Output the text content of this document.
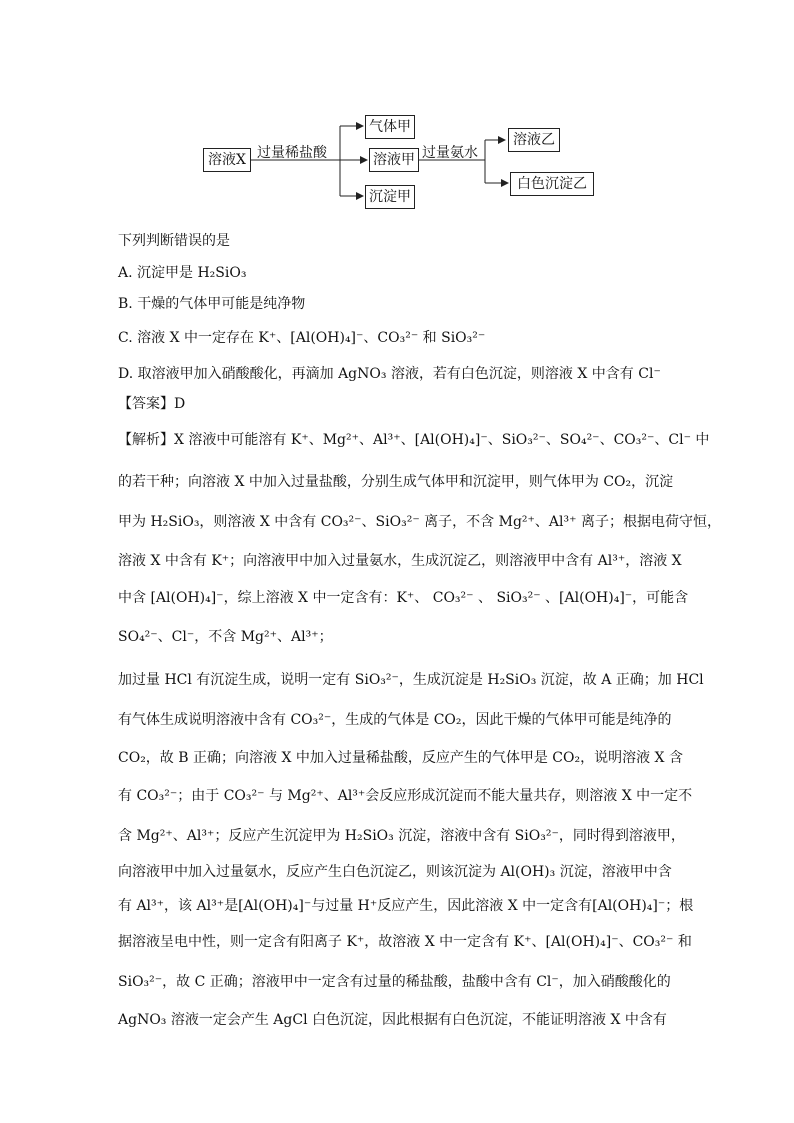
溶液X 过量稀盐酸
气体甲
溶液甲
沉淀甲
过量氨水
溶液乙
白色沉淀乙
下列判断错误的是
A. 沉淀甲是 H₂SiO₃
B. 干燥的气体甲可能是纯净物
C. 溶液 X 中一定存在 K⁺、[Al(OH)₄]⁻、CO₃²⁻ 和 SiO₃²⁻
D. 取溶液甲加入硝酸酸化，再滴加 AgNO₃ 溶液，若有白色沉淀，则溶液 X 中含有 Cl⁻
【答案】D
【解析】X 溶液中可能溶有 K⁺、Mg²⁺、Al³⁺、[Al(OH)₄]⁻、SiO₃²⁻、SO₄²⁻、CO₃²⁻、Cl⁻ 中
的若干种；向溶液 X 中加入过量盐酸，分别生成气体甲和沉淀甲，则气体甲为 CO₂，沉淀
甲为 H₂SiO₃，则溶液 X 中含有 CO₃²⁻、SiO₃²⁻ 离子，不含 Mg²⁺、Al³⁺ 离子；根据电荷守恒，
溶液 X 中含有 K⁺；向溶液甲中加入过量氨水，生成沉淀乙，则溶液甲中含有 Al³⁺，溶液 X
中含 [Al(OH)₄]⁻，综上溶液 X 中一定含有：K⁺、 CO₃²⁻ 、 SiO₃²⁻ 、[Al(OH)₄]⁻，可能含
SO₄²⁻、Cl⁻，不含 Mg²⁺、Al³⁺；
加过量 HCl 有沉淀生成，说明一定有 SiO₃²⁻，生成沉淀是 H₂SiO₃ 沉淀，故 A 正确；加 HCl
有气体生成说明溶液中含有 CO₃²⁻，生成的气体是 CO₂，因此干燥的气体甲可能是纯净的
CO₂，故 B 正确；向溶液 X 中加入过量稀盐酸，反应产生的气体甲是 CO₂，说明溶液 X 含
有 CO₃²⁻；由于 CO₃²⁻ 与 Mg²⁺、Al³⁺会反应形成沉淀而不能大量共存，则溶液 X 中一定不
含 Mg²⁺、Al³⁺；反应产生沉淀甲为 H₂SiO₃ 沉淀，溶液中含有 SiO₃²⁻，同时得到溶液甲，
向溶液甲中加入过量氨水，反应产生白色沉淀乙，则该沉淀为 Al(OH)₃ 沉淀，溶液甲中含
有 Al³⁺，该 Al³⁺是[Al(OH)₄]⁻与过量 H⁺反应产生，因此溶液 X 中一定含有[Al(OH)₄]⁻；根
据溶液呈电中性，则一定含有阳离子 K⁺，故溶液 X 中一定含有 K⁺、[Al(OH)₄]⁻、CO₃²⁻ 和
SiO₃²⁻，故 C 正确；溶液甲中一定含有过量的稀盐酸，盐酸中含有 Cl⁻，加入硝酸酸化的
AgNO₃ 溶液一定会产生 AgCl 白色沉淀，因此根据有白色沉淀，不能证明溶液 X 中含有
